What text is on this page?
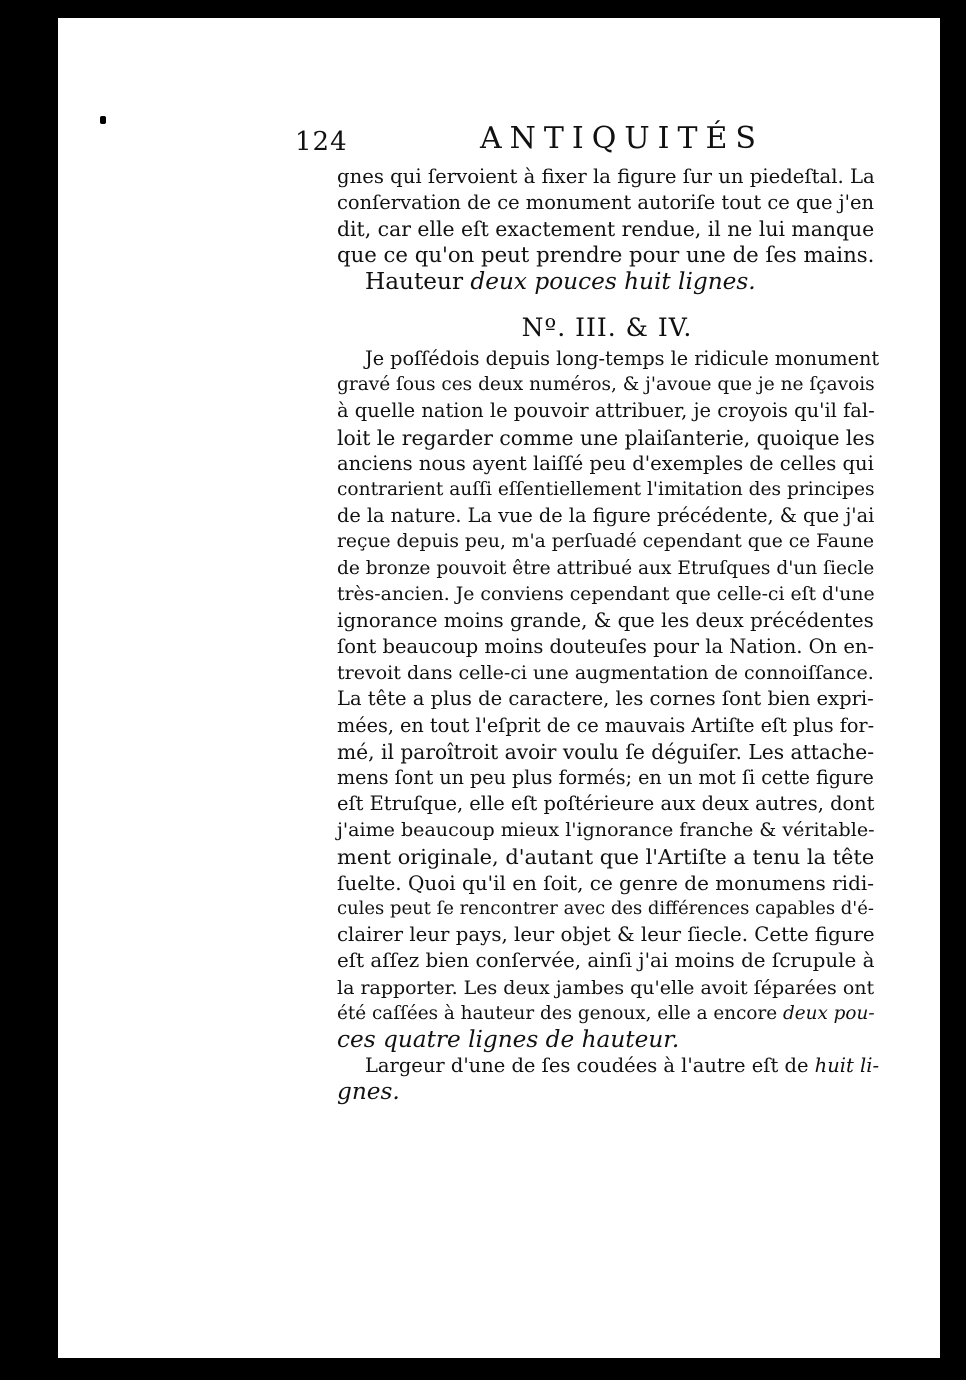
124	ANTIQUITÉS
gnes qui ſervoient à fixer la figure ſur un piedeſtal. La
conſervation de ce monument autoriſe tout ce que j'en
dit, car elle eſt exactement rendue, il ne lui manque
que ce qu'on peut prendre pour une de ſes mains.
Hauteur deux pouces huit lignes.
Nº. III. & IV.
Je poſſédois depuis long-temps le ridicule monument
gravé ſous ces deux numéros, & j'avoue que je ne ſçavois
à quelle nation le pouvoir attribuer, je croyois qu'il fal-
loit le regarder comme une plaiſanterie, quoique les
anciens nous ayent laiſſé peu d'exemples de celles qui
contrarient auſſi eſſentiellement l'imitation des principes
de la nature. La vue de la figure précédente, & que j'ai
reçue depuis peu, m'a perſuadé cependant que ce Faune
de bronze pouvoit être attribué aux Etruſques d'un ſiecle
très-ancien. Je conviens cependant que celle-ci eſt d'une
ignorance moins grande, & que les deux précédentes
ſont beaucoup moins douteuſes pour la Nation. On en-
trevoit dans celle-ci une augmentation de connoiſſance.
La tête a plus de caractere, les cornes ſont bien expri-
mées, en tout l'eſprit de ce mauvais Artiſte eſt plus for-
mé, il paroîtroit avoir voulu ſe déguiſer. Les attache-
mens ſont un peu plus formés; en un mot ſi cette figure
eſt Etruſque, elle eſt poſtérieure aux deux autres, dont
j'aime beaucoup mieux l'ignorance franche & véritable-
ment originale, d'autant que l'Artiſte a tenu la tête
ſuelte. Quoi qu'il en ſoit, ce genre de monumens ridi-
cules peut ſe rencontrer avec des différences capables d'é-
clairer leur pays, leur objet & leur ſiecle. Cette figure
eſt aſſez bien conſervée, ainſi j'ai moins de ſcrupule à
la rapporter. Les deux jambes qu'elle avoit ſéparées ont
été caſſées à hauteur des genoux, elle a encore deux pou-
ces quatre lignes de hauteur.
Largeur d'une de ſes coudées à l'autre eſt de huit li-
gnes.
